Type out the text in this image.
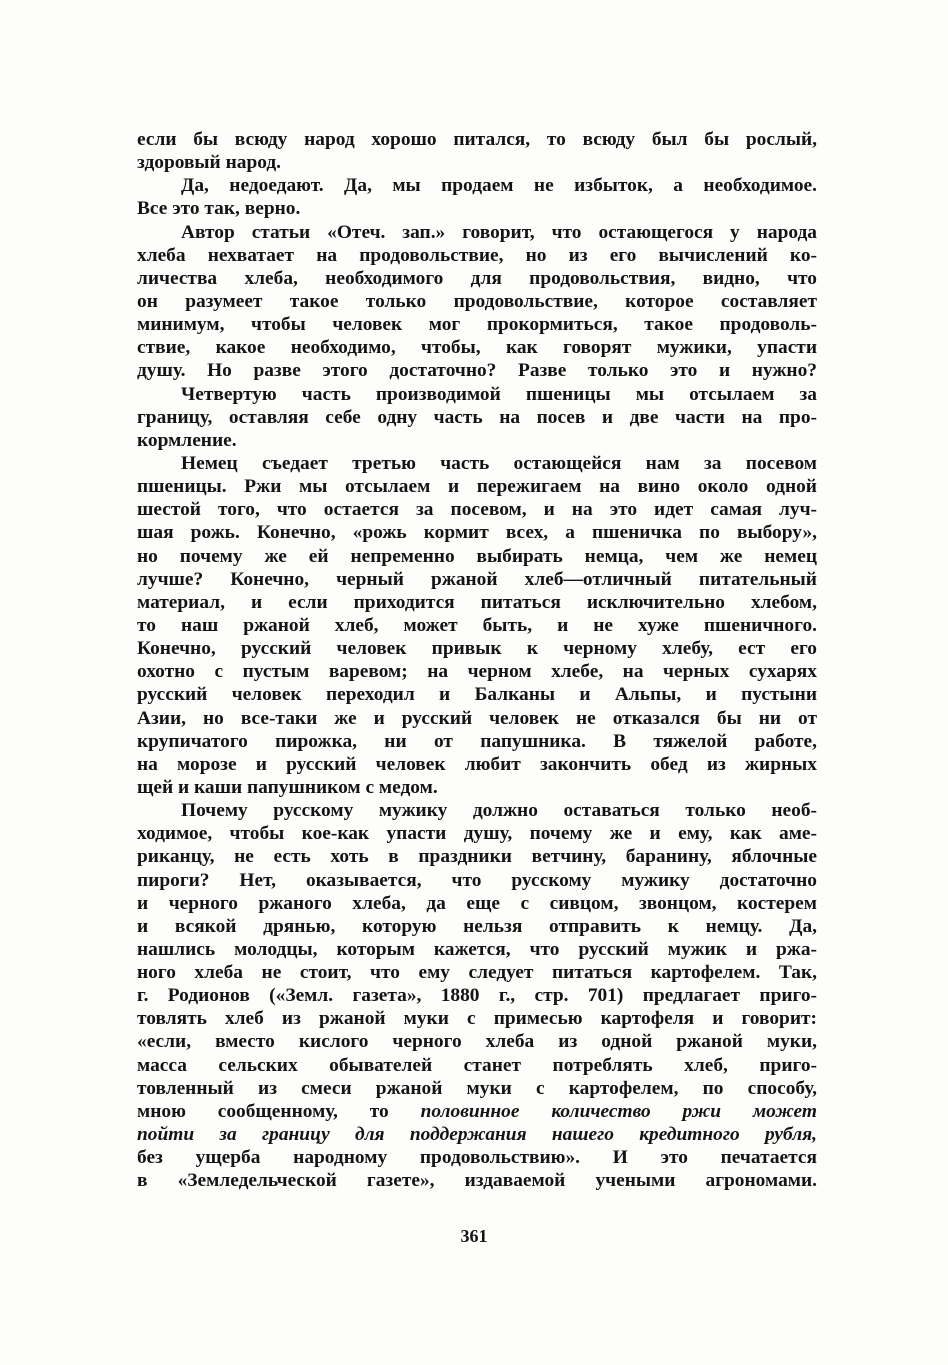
если бы всюду народ хорошо питался, то всюду был бы рослый,
здоровый народ.
Да, недоедают. Да, мы продаем не избыток, а необходимое.
Все это так, верно.
Автор статьи «Отеч. зап.» говорит, что остающегося у народа
хлеба нехватает на продовольствие, но из его вычислений ко-
личества хлеба, необходимого для продовольствия, видно, что
он разумеет такое только продовольствие, которое составляет
минимум, чтобы человек мог прокормиться, такое продоволь-
ствие, какое необходимо, чтобы, как говорят мужики, упасти
душу. Но разве этого достаточно? Разве только это и нужно?
Четвертую часть производимой пшеницы мы отсылаем за
границу, оставляя себе одну часть на посев и две части на про-
кормление.
Немец съедает третью часть остающейся нам за посевом
пшеницы. Ржи мы отсылаем и пережигаем на вино около одной
шестой того, что остается за посевом, и на это идет самая луч-
шая рожь. Конечно, «рожь кормит всех, а пшеничка по выбору»,
но почему же ей непременно выбирать немца, чем же немец
лучше? Конечно, черный ржаной хлеб—отличный питательный
материал, и если приходится питаться исключительно хлебом,
то наш ржаной хлеб, может быть, и не хуже пшеничного.
Конечно, русский человек привык к черному хлебу, ест его
охотно с пустым варевом; на черном хлебе, на черных сухарях
русский человек переходил и Балканы и Альпы, и пустыни
Азии, но все-таки же и русский человек не отказался бы ни от
крупичатого пирожка, ни от папушника. В тяжелой работе,
на морозе и русский человек любит закончить обед из жирных
щей и каши папушником с медом.
Почему русскому мужику должно оставаться только необ-
ходимое, чтобы кое-как упасти душу, почему же и ему, как аме-
риканцу, не есть хоть в праздники ветчину, баранину, яблочные
пироги? Нет, оказывается, что русскому мужику достаточно
и черного ржаного хлеба, да еще с сивцом, звонцом, костерем
и всякой дрянью, которую нельзя отправить к немцу. Да,
нашлись молодцы, которым кажется, что русский мужик и ржа-
ного хлеба не стоит, что ему следует питаться картофелем. Так,
г. Родионов («Земл. газета», 1880 г., стр. 701) предлагает приго-
товлять хлеб из ржаной муки с примесью картофеля и говорит:
«если, вместо кислого черного хлеба из одной ржаной муки,
масса сельских обывателей станет потреблять хлеб, приго-
товленный из смеси ржаной муки с картофелем, по способу,
мною сообщенному, то половинное количество ржи может
пойти за границу для поддержания нашего кредитного рубля,
без ущерба народному продовольствию». И это печатается
в «Земледельческой газете», издаваемой учеными агрономами.
361
